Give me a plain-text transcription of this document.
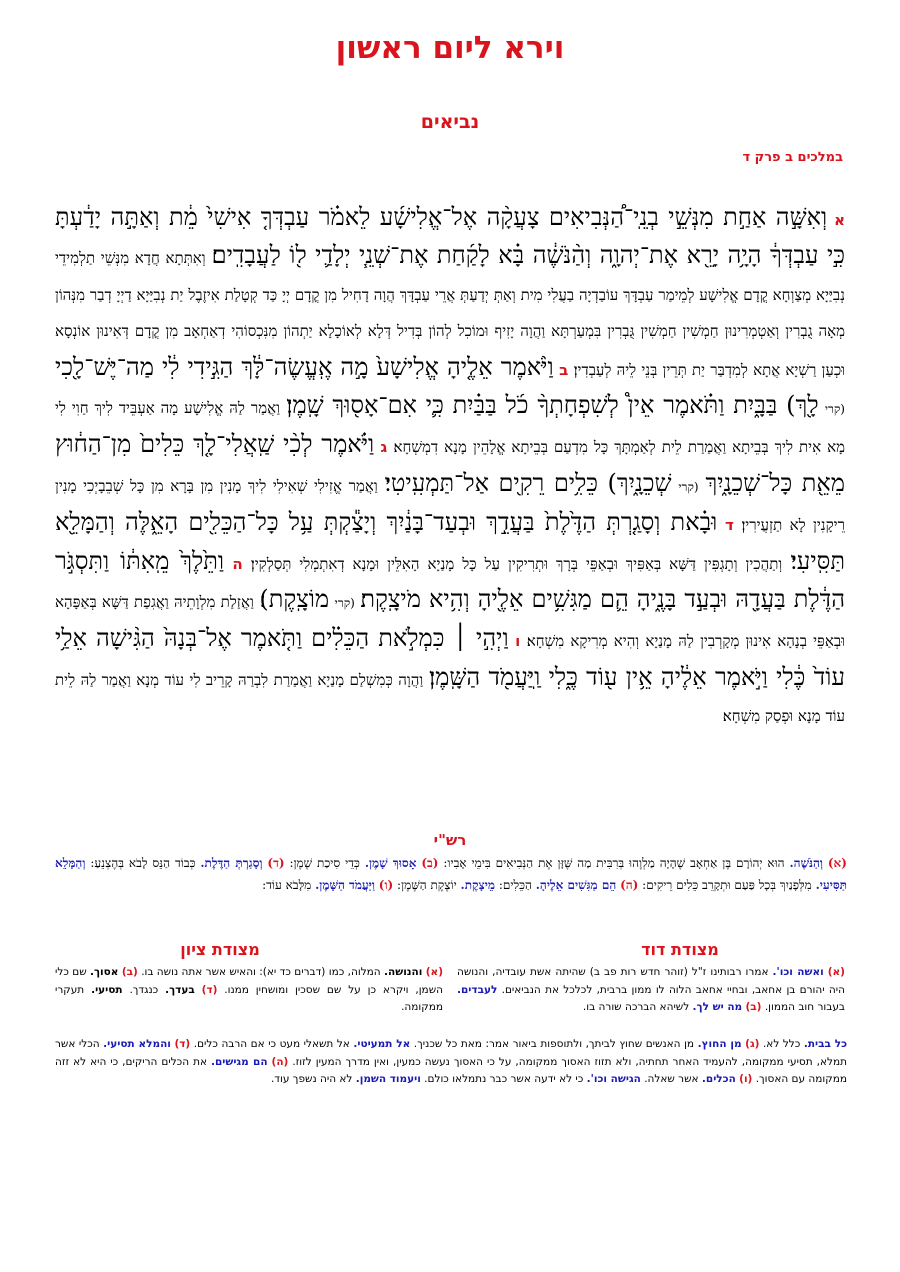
וירא ליום ראשון
נביאים
במלכים ב פרק ד
א וְאִשָּׁ֣ה אַחַ֣ת מִנְּשֵׁ֣י בְנֵֽי־הַ֠נְּבִיאִים צָעֲקָ֨ה אֶל־אֱלִישָׁ֜ע לֵאמֹ֗ר עַבְדְּךָ֤ אִישִׁי֙ מֵ֔ת וְאַתָּ֣ה יָדַ֔עְתָּ כִּ֣י עַבְדְּךָ֔ הָיָ֥ה יָרֵ֖א אֶת־יְהוָ֑ה וְהַ֨נֹּשֶׁ֔ה בָּ֗א לָקַ֜חַת אֶת־שְׁנֵ֧י יְלָדַ֛י ל֖וֹ לַעֲבָדִֽים׃ וְאִתְּתָא חֲדָא מִנְּשֵׁי תַלְמִידֵי נְבִיַּיָא מְצַוְחָא קֳדָם אֱלִישָׁע לְמֵימַר עַבְדָּךְ עוֹבַדְיָה בַעֲלִי מִית וְאַתְּ יְדַעַתְּ אֲרֵי עַבְדָּךְ הֲוָה דָחִיל מִן קֳדָם יְיָ כַּד קְטָלַת אִיזֶבֶל יַת נְבִיַּיָא דַיְיָ דְבַר מִנְּהוֹן מְאָה גֻבְרִין וְאַטְמְרִינוּן חַמְשִׁין חַמְשִׁין גֻּבְרִין בִּמְעַרְתָּא וַהֲוָה יָזִיף וּמוֹכִל לְהוֹן בְּדִיל דְּלָא לְאוֹכָלָא יַתְהוֹן מִנִּכְסוֹהִי דְאַחְאָב מִן קֳדָם דְּאִינוּן אוֹנְסָא וּכְעַן רַשְׁיָא אֲתָא לְמִדְבַּר יַת תְּרֵין בְּנֵי לֵיהּ לְעַבְדִין׃ ב וַיֹּ֨אמֶר אֵלֶ֤יהָ אֱלִישָׁע֙ מָ֣ה אֶֽעֱשֶׂה־לָּ֔ךְ הַגִּ֣ידִי לִ֔י מַה־יֶּשׁ־לָ֖כִי (קרי לָ֖ךְ) בַּבָּ֑יִת וַתֹּ֗אמֶר אֵין֩ לְשִׁפְחָתְךָ֨ כֹ֜ל בַּבַּ֗יִת כִּ֛י אִם־אָס֖וּךְ שָֽׁמֶן׃ וַאֲמַר לַהּ אֱלִישָׁע מָה אַעְבֵּיד לִיךְ חַוִי לִי מָא אִית לִיךְ בְּבֵיתָא וַאֲמַרַת לֵית לְאַמְתָּךְ כָּל מִדְעַם בְּבֵיתָא אֱלָהֵין מָנָא דִמְשְׁחָא׃ ג וַיֹּ֗אמֶר לְכִ֨י שַֽׁאֲלִי־לָ֤ךְ כֵּלִים֙ מִן־הַח֔וּץ מֵאֵ֖ת כָּל־שְׁכֵנָ֑יִךְ (קרי שְׁכֵנָ֑יִךְ) כֵּלִ֥ים רֵקִ֖ים אַל־תַּמְעִֽיטִי׃ וַאֲמַר אֱזִילִי שְׁאִילִי לִיךְ מָנִין מִן בָּרָא מִן כָּל שְׁבֵבָיְכִי מָנִין רֵיקָנִין לָא תַזְעֲירִין׃ ד וּבָ֗את וְסָגַ֤רְתְּ הַדֶּ֙לֶת֙ בַּעֲדֵ֣ךְ וּבְעַד־בָּנַ֔יִךְ וְיָצַ֕קְתְּ עַ֥ל כָּל־הַכֵּלִ֖ים הָאֵ֑לֶּה וְהַמָּלֵ֖א תַּסִּֽיעִי׃ וְתַהֲכִין וְתָגְפִּין דַּשָּׁא בְּאַפִּיךְ וּבְאַפֵּי בְּרָךְ וּתְרִיקִין עַל כָּל מָנַיָא הָאִלֵּין וּמָנָא דְאִתְמְלִי תְּסַלְקִין׃ ה וַתֵּ֙לֶךְ֙ מֵֽאִתּ֔וֹ וַתִּסְגֹּ֣ר הַדֶּ֔לֶת בַּעֲדָ֖הּ וּבְעַ֣ד בָּנֶ֑יהָ הֵ֛ם מַגִּשִׁ֥ים אֵלֶ֖יהָ וְהִ֥יא מֹיצָֽקֶת׃ (קרי מוֹצָֽקֶת)׃ וַאֲזַלַת מִלְוָתֵיהּ וַאֲגִפַת דַּשָּׁא בְּאַפָּהָא וּבְאַפֵּי בְנָהָא אִינוּן מְקָרְבִין לַהּ מָנַיָא וְהִיא מְרִיקָא מִשְׁחָא׃ ו וַיְהִ֣י ׀ כִּמְלֹ֣את הַכֵּלִ֗ים וַתֹּ֤אמֶר אֶל־בְּנָהּ֙ הַגִּ֨ישָׁה אֵלַ֥י עוֹד֙ כֶּ֔לִי וַיֹּ֣אמֶר אֵלֶ֔יהָ אֵ֥ין ע֖וֹד כֶּ֑לִי וַֽיַּעֲמֹ֖ד הַשָּֽׁמֶן׃ וַהֲוָה כְּמִשְׁלַם מָנַיָא וַאֲמַרַת לִבְרַהּ קָרֵיב לִי עוֹד מְנָא וַאֲמַר לַהּ לֵית עוֹד מָנָא וּפְסַק מִשְׁחָא׃
רש"י
(א) וְהַנֹּשֶׁה. הוּא יְהוֹרָם בֶּן אַחְאָב שֶׁהָיָה מַלְוֶהוּ בְּרִבִּית מַה שֶּׁזָּן אֶת הַנְּבִיאִים בִּימֵי אָבִיו: (ב) אָסוּךְ שָׁמֶן. כְּדֵי סִיכַת שֶׁמֶן: (ד) וְסָגַרְתְּ הַדֶּלֶת. כְּבוֹד הַנֵּס לָבֹא בְּהֶצְנֵעַ: וְהַמָּלֵא תַּסִּיעִי. מִלְּפָנַיִךְ בְּכָל פַּעַם וּתְקָרֵב כֵּלִים רֵיקִים: (ה) הֵם מַגִּשִׁים אֵלֶיהָ. הַכֵּלִים: מֵיצָקֶת. יוֹצֶקֶת הַשֶּׁמֶן: (ו) וַיַּעֲמֹד הַשָּׁמֶן. מִלָּבֹא עוֹד:
מצודת דוד
מצודת ציון
(א) ואשה וכו'. אמרו רבותינו ז"ל (זוהר חדש רות פב ב) שהיתה אשת עובדיה, והנושה היה יהורם בן אחאב, ובחיי אחאב הלוה לו ממון ברבית, לכלכל את הנביאים. לעבדים. בעבור חוב הממון. (ב) מה יש לך. לשיהא הברכה שורה בו.
(א) והנושה. המלוה, כמו (דברים כד יא): והאיש אשר אתה נושה בו. (ב) אסוך. שם כלי השמן, ויקרא כן על שם שסכין ומושחין ממנו. (ד) בעדך. כנגדך. תסיעי. תעקרי ממקומה.
כל בבית. כלל לא. (ג) מן החוץ. מן האנשים שחוץ לביתך, ולתוספות ביאור אמר: מאת כל שכניך. אל תמעיטי. אל תשאלי מעט כי אם הרבה כלים. (ד) והמלא תסיעי. הכלי אשר תמלא, תסיעי ממקומה, להעמיד האחר תחתיה, ולא תזוז האסוך ממקומה, על כי האסוך נעשה כמעין, ואין מדרך המעין לזוז. (ה) הם מגישים. את הכלים הריקים, כי היא לא זזה ממקומה עם האסוך. (ו) הכלים. אשר שאלה. הגישה וכו'. כי לא ידעה אשר כבר נתמלאו כולם. ויעמוד השמן. לא היה נשפך עוד.
